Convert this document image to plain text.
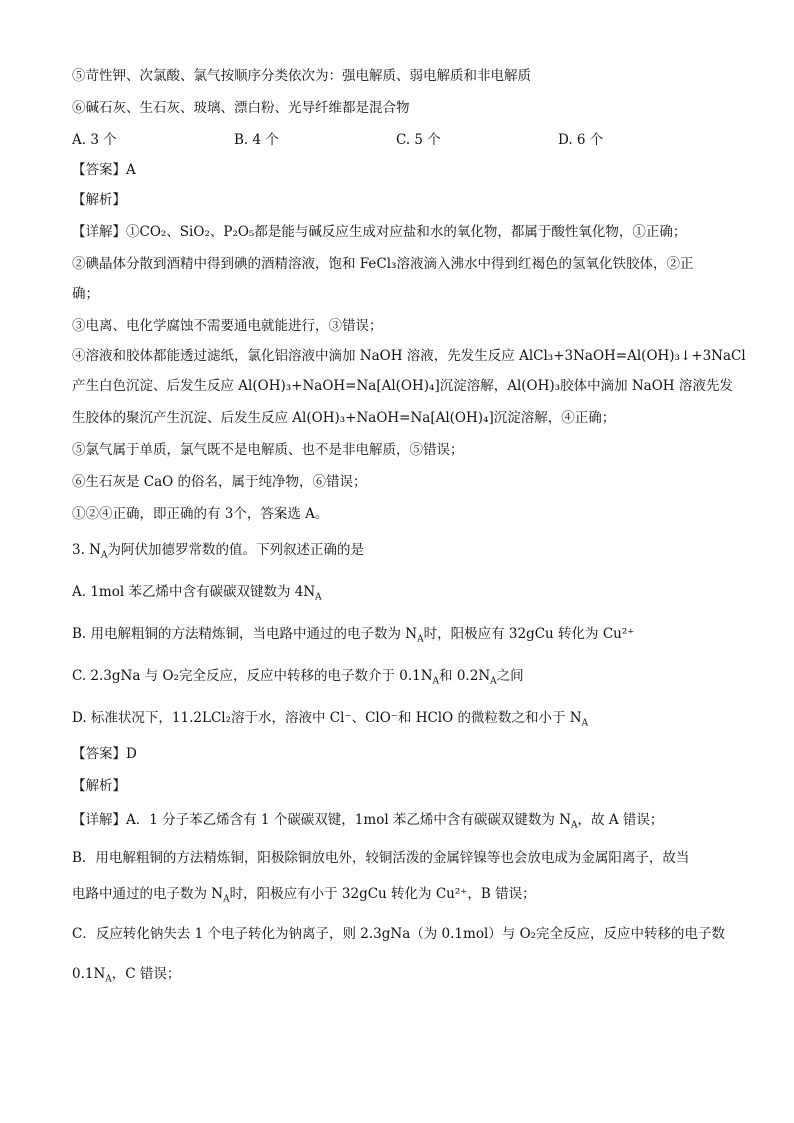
⑤苛性钾、次氯酸、氯气按顺序分类依次为：强电解质、弱电解质和非电解质
⑥碱石灰、生石灰、玻璃、漂白粉、光导纤维都是混合物
A. 3 个	B. 4 个	C. 5 个	D. 6 个
【答案】A
【解析】
【详解】①CO₂、SiO₂、P₂O₅都是能与碱反应生成对应盐和水的氧化物，都属于酸性氧化物，①正确；
②碘晶体分散到酒精中得到碘的酒精溶液，饱和 FeCl₃溶液滴入沸水中得到红褐色的氢氧化铁胶体，②正
确；
③电离、电化学腐蚀不需要通电就能进行，③错误；
④溶液和胶体都能透过滤纸，氯化铝溶液中滴加 NaOH 溶液，先发生反应 AlCl₃+3NaOH=Al(OH)₃↓+3NaCl
产生白色沉淀、后发生反应 Al(OH)₃+NaOH=Na[Al(OH)₄]沉淀溶解，Al(OH)₃胶体中滴加 NaOH 溶液先发
生胶体的聚沉产生沉淀、后发生反应 Al(OH)₃+NaOH=Na[Al(OH)₄]沉淀溶解，④正确；
⑤氯气属于单质，氯气既不是电解质、也不是非电解质，⑤错误；
⑥生石灰是 CaO 的俗名，属于纯净物，⑥错误；
①②④正确，即正确的有 3个，答案选 A。
3. $N_A$为阿伏加德罗常数的值。下列叙述正确的是
A. 1mol 苯乙烯中含有碳碳双键数为 $4N_A$
B. 用电解粗铜的方法精炼铜，当电路中通过的电子数为 $N_A$时，阳极应有 32gCu 转化为 Cu²⁺
C. 2.3gNa 与 O₂完全反应，反应中转移的电子数介于 $0.1N_A$和 $0.2N_A$之间
D. 标准状况下，11.2LCl₂溶于水，溶液中 Cl⁻、ClO⁻和 HClO 的微粒数之和小于 $N_A$
【答案】D
【解析】
【详解】A．1 分子苯乙烯含有 1 个碳碳双键，1mol 苯乙烯中含有碳碳双键数为 $N_A$，故 A 错误；
B．用电解粗铜的方法精炼铜，阳极除铜放电外，较铜活泼的金属锌镍等也会放电成为金属阳离子，故当
电路中通过的电子数为 $N_A$时，阳极应有小于 32gCu 转化为 Cu²⁺，B 错误；
C．反应转化钠失去 1 个电子转化为钠离子，则 2.3gNa（为 0.1mol）与 O₂完全反应，反应中转移的电子数
$0.1N_A$，C 错误；
